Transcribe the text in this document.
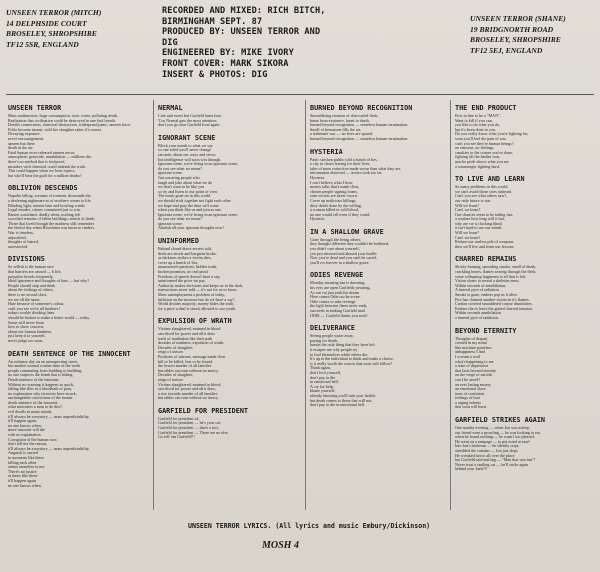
UNSEEN TERROR (MITCH)
14 DELPHSIDE COURT
BROSELEY, SHROPSHIRE
TF12 5SR, ENGLAND
RECORDED AND MIXED: RICH BITCH,
BIRMINGHAM SEPT. 87
PRODUCED BY: UNSEEN TERROR AND
DIG
ENGINEERED BY: MIKE IVORY
FRONT COVER: MARK SIKORA
INSERT & PHOTOS: DIG
UNSEEN TERROR (SHANE)
19 BRIDGNORTH ROAD
BROSELEY, SHROPSHIRE
TF12 5EJ, ENGLAND
UNSEEN TERROR
Mass malfunction, huge consumption, toxic waste, polluting death.
Realisation that civilisation could be destroyed in one foul breath.
Death's connections, chemical destruction, widespread panic, unseen force.
Folks become insane, wild fire slaughter takes it's course.
Decaying exposure,
never encouragement,
unseen but there
death in the air.
Fatal human error released unseen terror,
atmospheric genocide, annihilation — millions die.
there's no method that is foolproof,
mistakes with chemical could unleash the truth.
This could happen when we least expect,
but who'll bear the guilt for a million deaths?
OBLIVION DESCENDS
Napalm falling, screams of torment, thousands die,
a deafening nightmare as of nowhere comes to life.
Blinding light, intense heat and howling winds.
Legal murder, crimes committed just to win.
Barren wasteland, deadly silent, nothing left
scorched remains of fallen buildings, stench of death.
Those that lived through the madness still remember
the fateful day when Hiroshima was burnt to cinders.
War is timeless,
unjustified,
thoughts of hatred,
unrestricted.
DIVISIONS
So selfish is the human race
that barriers are caused — b life,
prejudice breeds frequently,
blind ignorance and thoughts of hate — but why?
People should stop and think
about the feelings of others,
there is no second class
we are all the same.
Hate because of someone's colour,
can't you see we're all brothers?
todays worlds dividing lines
should be broken to make a better world — today.
Some will never learn
how to show concern,
about our human kindness,
just keep it to yourself,
never judge too soon.
DEATH SENTENCE OF THE INNOCENT
An ordinary day on an unsuspecting street,
but another normal routine time of the week
people commuting from building to building,
no one suspects the bomb that is hiding.
Death sentence of the innocent.
Without no warning it happens so quick,
falling like flies in a bloodbath of pain,
no explanation why terrorists have struck,
unchangeable convictions of the insane.
death sentence of the innocent.
what motivates a man to do this?,
evil dwells in many minds,
it'll always be a mystery — mass unpredictability.
it'll happen again,
no one knows when,
more innocent will die
with no explanation.
Corruption of the human race,
don't tell me the reason,
it'll always be a mystery — mass unpredictability.
Anguish is caused
in moments like these
killing each other
seems senseless to me.
There's no justice
at times like these
it'll happen again
no one knows when.
NERMAL
Cute and sweet but Garfield hates him
'Cos Nermal gets the most attention.
don't you go near Garfield food again.
IGNORANT SCENE
Block your minds to what we say
so one sided you'll never change
sarcastic about our ways and views
but intelligence will soon win through.
Ignorant scene, we're living in an ignorant scene,
do you see what we mean?
ignorant scene.
Just uncaring people who
laugh and joke about what we do
we don't want to be like you
so try and listen to our point of view.
The much gone on in this world
we should stick together not fight each other
we hope and pray the time will come
when you think like us and join as one.
Ignorant scene, we're living in an ignorant scene,
do you see what we mean?
ignorant scene.
Abolish all your ignorant thoughts now!
UNINFORMED
Behind closed doors secrets told,
deals are struck and bargains broke,
as darkness strikes a victim dies,
cover up a bunch of lies,
unanswered questions, hidden truth,
broken promises, no real proof
Freedom of speech doesn't have a say,
uninformed the price we pay.
Authority makes decisions and keeps us in the dark,
transactions never told — it's not for us to know.
Mass unemployment a problem of today,
inflation on the increase but do we have a say?,
World divides majority, money hides the truth,
for a price a deal is struck allowed to our youth.
EXPULSION OF WRATH
Victims slaughtered, maimed in blood
sacrificed for power and all it does
trails of mutilation like their path
decades of madness, expulsion of wrath.
Decades of slaughter,
reign of torture.
Positions of interest, message made clear
kill or be killed, fear or be feared.
the lowest murder of all families
but tables can turn without no mercy.
Decades of slaughter,
reign of torture.
Victims slaughtered, maimed in blood,
sacrificed for power and all it does,
a rise towards murder of all families
but tables can turn without no mercy.
GARFIELD FOR PRESIDENT
Garfield for president x4.
Garfield for president — he's your cat,
Garfield for president — that's a fact,
Garfield for president — There are no else,
Go tell 'em Garfield!!!
BURNED BEYOND RECOGNITION
Smouldering remains of charcoaled flesh,
burnt from existence, burnt to death.
burned beyond recognition — senseless human termination.
Smell of brimstone fills the air,
a stalemate war — no lives are spared.
burned beyond recognition — senseless human termination.
HYSTERIA
Panic stricken public told a bunch of lies,
a city in chaos fearing for their lives,
tales of mass extinction made worse than what they are,
information distorted — stories took too far.
Hysteria.
I can't believe what I hear,
money talks that's made clear,
chosen people signing forms,
state secrets are never sworn.
Cover up malicious killings,
dirty deeds done by the willing,
a woman killed in cold blood,
no one would tell even if they could.
Hysteria.
IN A SHALLOW GRAVE
Gone through life being others,
they thought different they couldn't be bothered,
you didn't care about yourself,
you just misused and abused your health.
Now you're dead and you can't be saved,
you'll rot forever in a shallow grave.
ODIES REVENGE
Monday morning sun is dawning,
his eyes are open Garfields yawning,
As our cat just ends his dream
Here comes Odie on the scene.
Odie comes to take revenge
the fight between them never ends,
succeeds in making Garfield mad
ODIE — Garfield thinks you suck!
DELIVERANCE
Seeing people waste away,
paying for death,
bravin the only thing that they have left.
it escapes me why people try
to fool themselves while others die.
It's up to the individual to think and make a choice,
is it really worth the sorrow that soon will follow?
Think again,
don't fool yourself,
don't pay to die
in emotional hell.
A cry for help,
blame yourself,
already knowing you'll ruin your health.
but death comes to those that will not,
don't pay to die in emotional hell.
THE END PRODUCT
First in line to be a "MAN",
Want to kill if you can,
you like to do what you do,
but it's been done to you.
Do you really know what you're fighting for,
soon you'll feel the pain of war,
can't you see they're human beings?,
no remorse, no feelings.
casulties to the crimes you've done,
fighting till the battles won,
macho pride shows what you are
a warmonger fighting hard.
TO LIVE AND LEARN
So many problems in this world,
we can't avoid those cries unheard.
Can't you see what others saw?,
our only future is war.
Will we learn?
Can't we learn?
Our chances seem to be fading fast,
a warfare how long will it last,
why are we so fucking blind,
it isn't hard to use our minds.
Will we learn?
Can't we learn?
Reduce our useless pile of weapons
then we'll live and learn our lessons.
CHARRED REMAINS
Slowly burning, spreading smoke, smell of death,
crackling bones, flames searing through the flesh.
some collapsing fragments is all that is left.
Vision closes to reveal a skeleton mess.
Within seconds of annihilation,
A funeral pyre of radiation.
Smoke is gone, embers pop as if alive.
Fire has claimed another victim in it's flames.
Carbon covered smouldered corpse diminishes.
Embers die to leave the gutted charred remains.
Within seconds annihilation
a funeral pyre of radiation.
BEYOND ETERNITY
Thoughts of despair
created in my mind
like machine pointless
unhappiness I find
I scream a wail
what's happening to me
a state of depression
that lasts beyond eternity
on the verge of suicide
can I be saved?
an ever lasting misery
an emotional slave
tears of confusion
feelings of hurt
a raging inferno
that soon will burst
GARFIELD STRIKES AGAIN
One sunday evening — when Jon was asleep,
our friend went a prowling — he was looking to eat,
when he found nothing — he wasn't too pleased,
He went on a rampage — to put mind at ease!
Into Jon's bedroom — he silently crept,
shredded the curtains — Jon just slept,
He wreaked havoc all over the place
but Garfield said smiling — "Man that was fun"!
Never trust a smiling cat — he'll strike again
behind your back!!!
UNSEEN TERROR LYRICS. (All lyrics and music Embury/Dickinson)
MOSH 4
